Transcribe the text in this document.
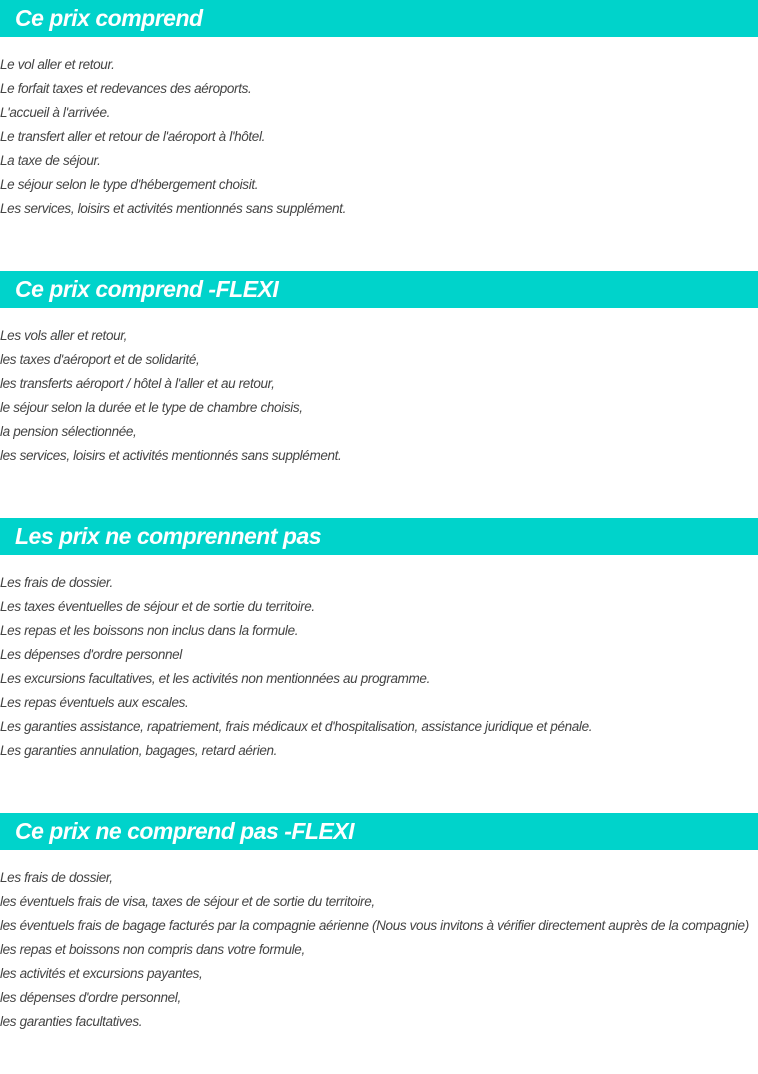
Ce prix comprend
Le vol aller et retour.
Le forfait taxes et redevances des aéroports.
L'accueil à l'arrivée.
Le transfert aller et retour de l'aéroport à l'hôtel.
La taxe de séjour.
Le séjour selon le type d'hébergement choisit.
Les services, loisirs et activités mentionnés sans supplément.
Ce prix comprend -FLEXI
Les vols aller et retour,
les taxes d'aéroport et de solidarité,
les transferts aéroport / hôtel à l'aller et au retour,
le séjour selon la durée et le type de chambre choisis,
la pension sélectionnée,
les services, loisirs et activités mentionnés sans supplément.
Les prix ne comprennent pas
Les frais de dossier.
Les taxes éventuelles de séjour et de sortie du territoire.
Les repas et les boissons non inclus dans la formule.
Les dépenses d'ordre personnel
Les excursions facultatives, et les activités non mentionnées au programme.
Les repas éventuels aux escales.
Les garanties assistance, rapatriement, frais médicaux et d'hospitalisation, assistance juridique et pénale.
Les garanties annulation, bagages, retard aérien.
Ce prix ne comprend pas -FLEXI
Les frais de dossier,
les éventuels frais de visa, taxes de séjour et de sortie du territoire,
les éventuels frais de bagage facturés par la compagnie aérienne (Nous vous invitons à vérifier directement auprès de la compagnie)
les repas et boissons non compris dans votre formule,
les activités et excursions payantes,
les dépenses d'ordre personnel,
les garanties facultatives.
